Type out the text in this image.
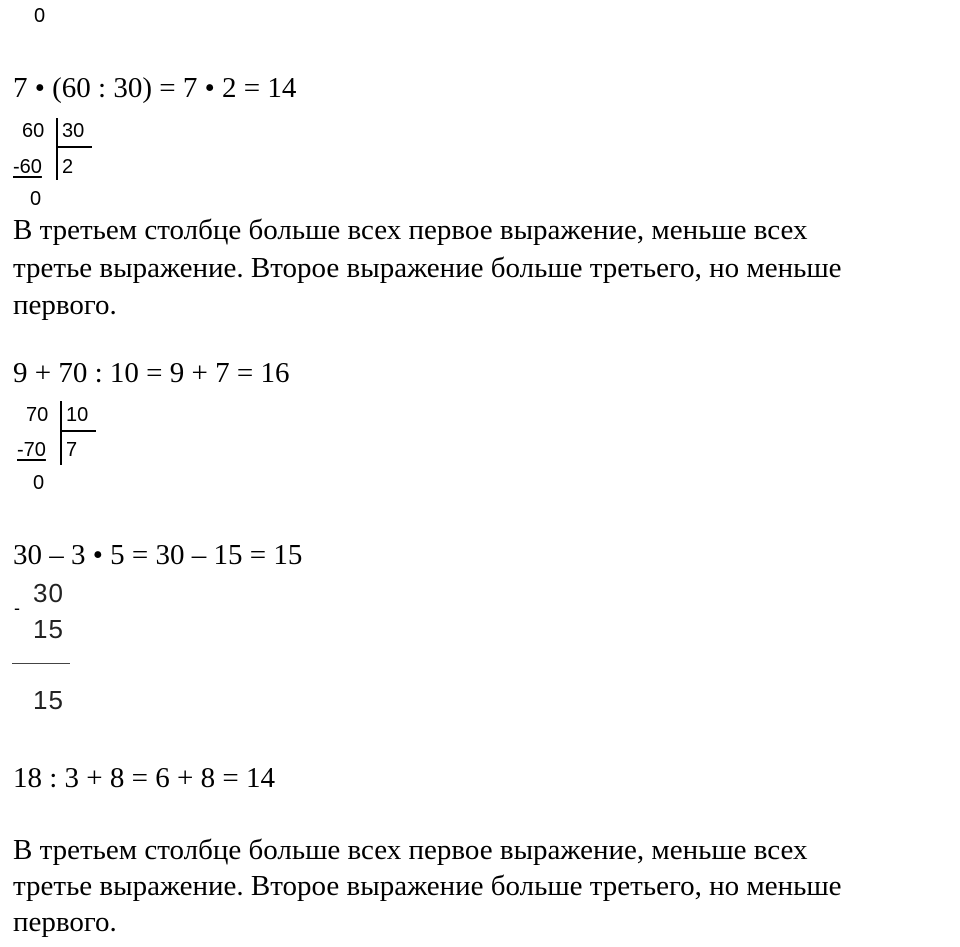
0
7 • (60 : 30) = 7 • 2 = 14
60 30
-60 2
0
В третьем столбце больше всех первое выражение, меньше всех
третье выражение. Второе выражение больше третьего, но меньше
первого.
9 + 70 : 10 = 9 + 7 = 16
70 10
-70 7
0
30 – 3 • 5 = 30 – 15 = 15
- 30
15
15
18 : 3 + 8 = 6 + 8 = 14
В третьем столбце больше всех первое выражение, меньше всех
третье выражение. Второе выражение больше третьего, но меньше
первого.
